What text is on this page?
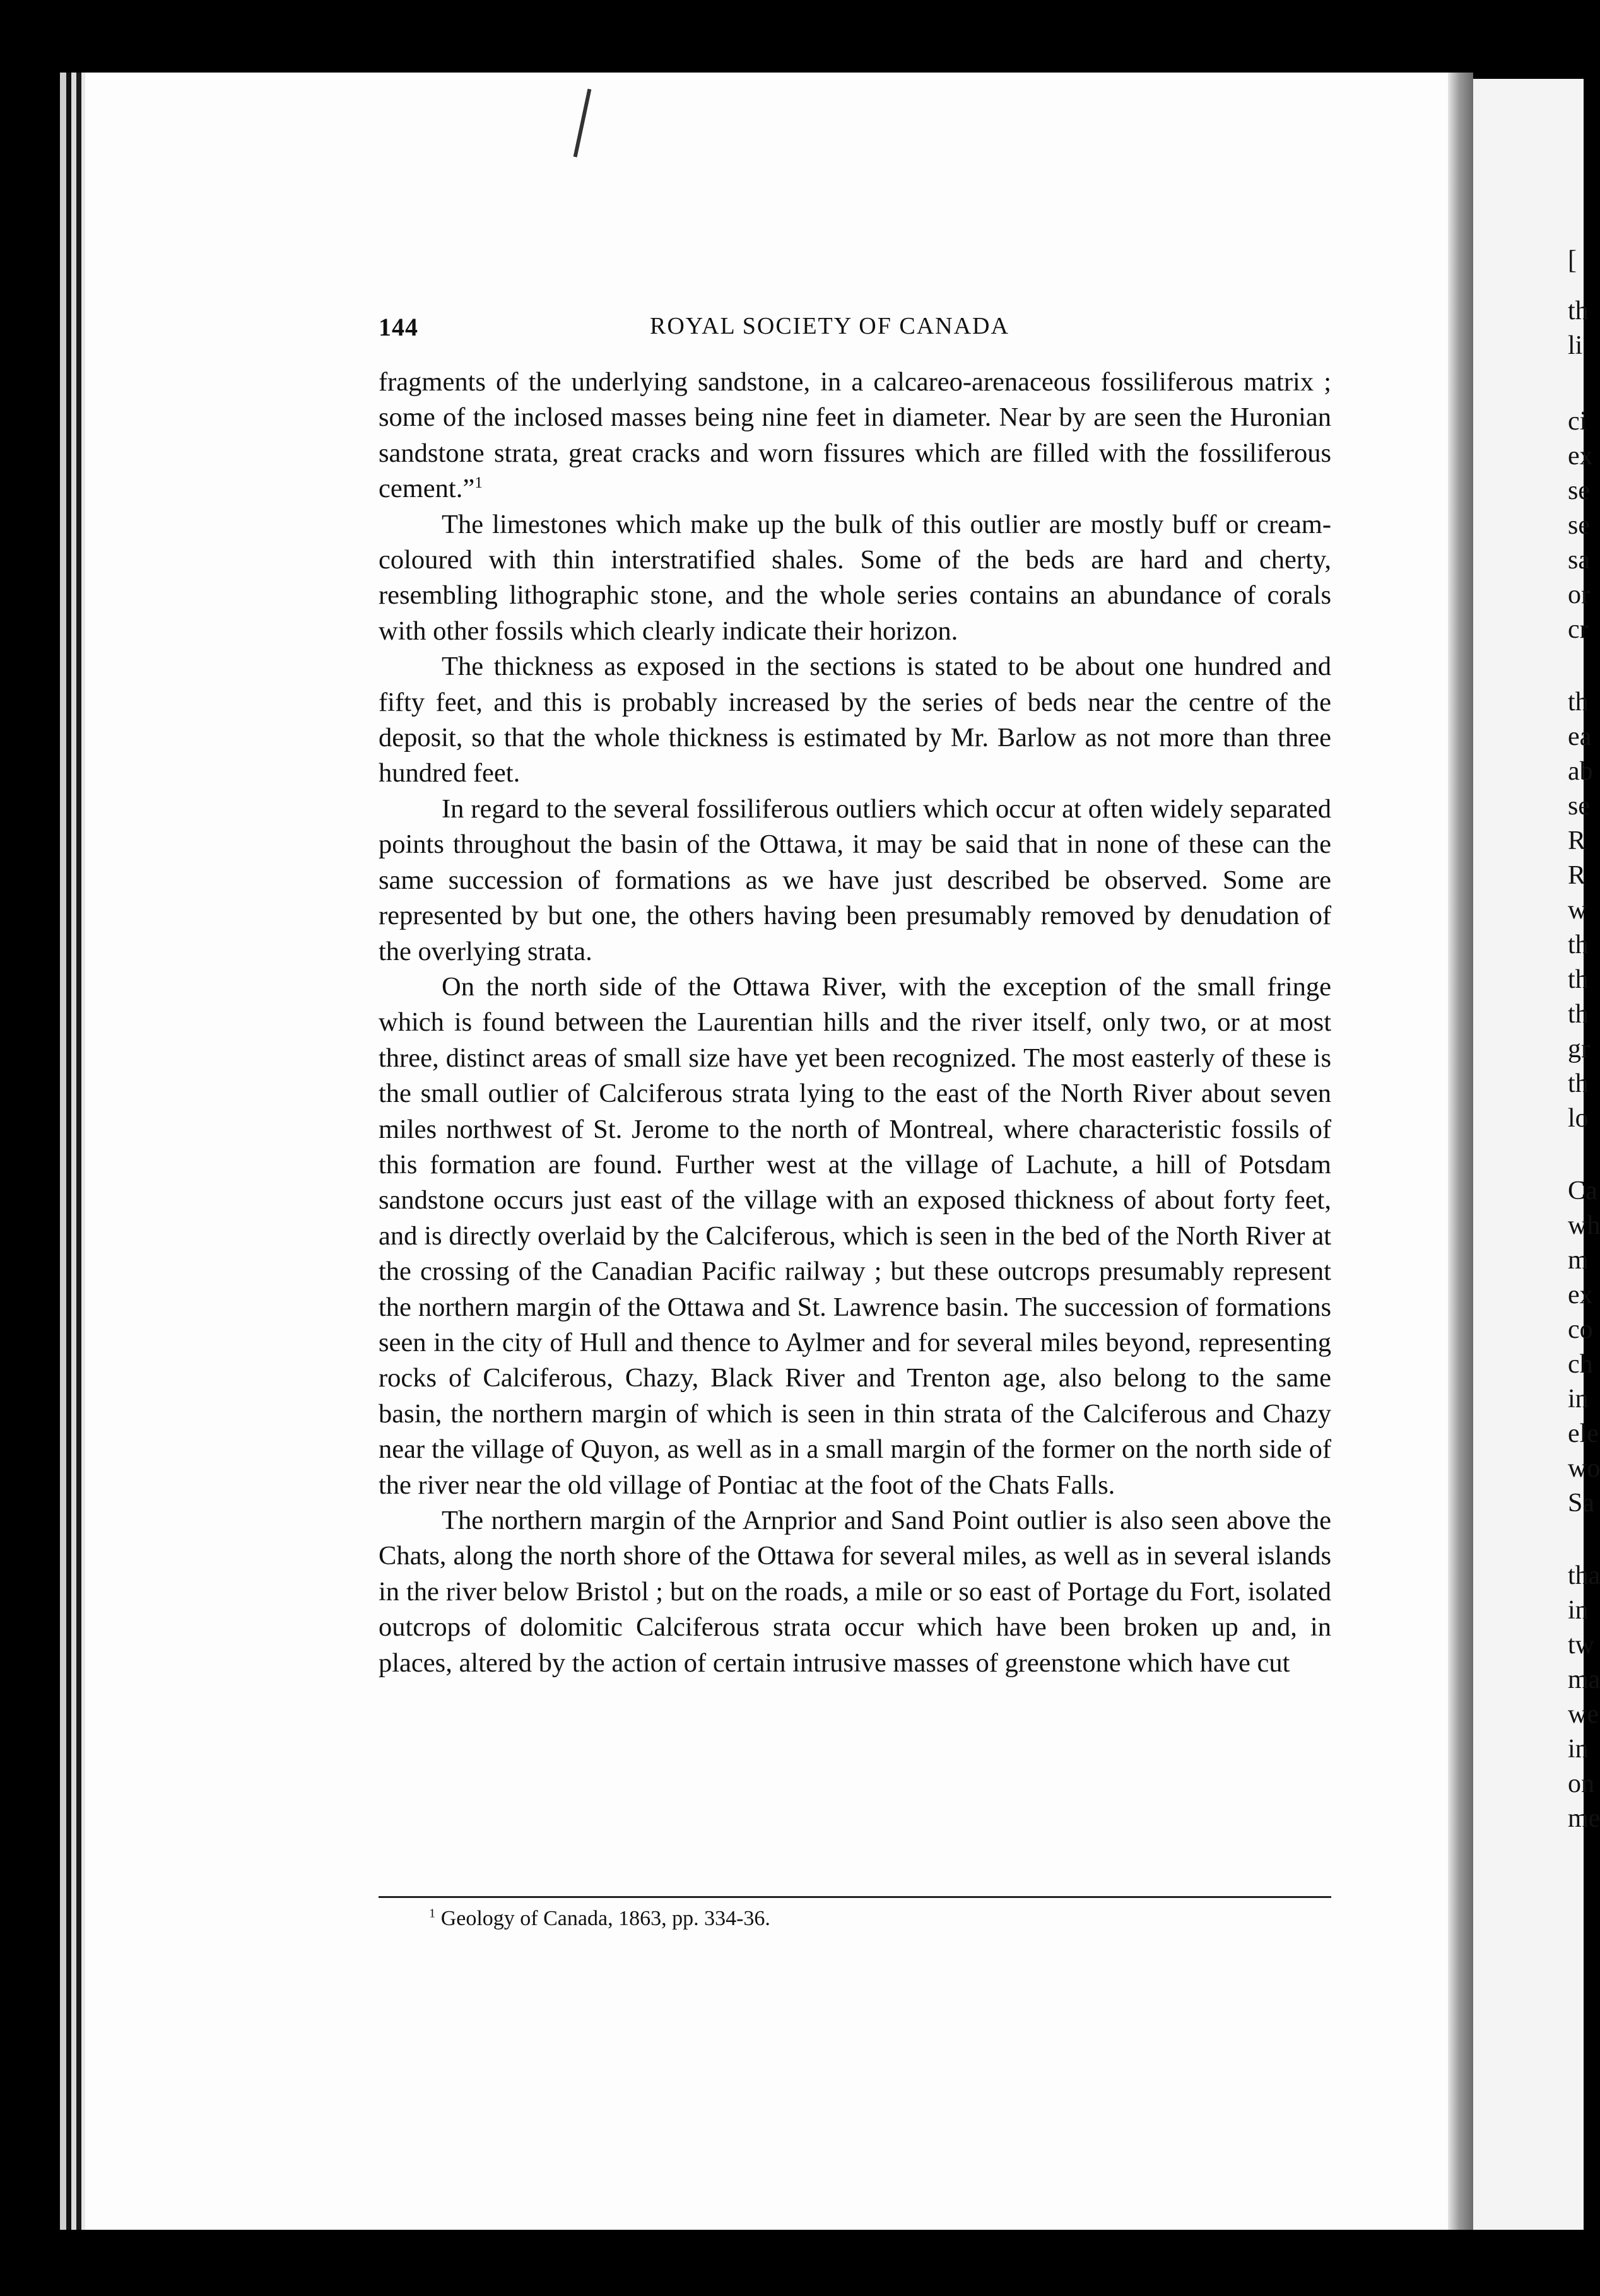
[
th
li
ci
ex
se
se
sa
or
cr
th
ea
ab
se
R
R
w
th
th
th
gr
th
lo
Ca
wh
m
ex
co
ch
in
ele
wo
Sa
tha
in
tw
ma
we
in
on
me
144	ROYAL SOCIETY OF CANADA

fragments of the underlying sandstone, in a calcareo-arenaceous fossiliferous matrix ; some of the inclosed masses being nine feet in diameter. Near by are seen the Huronian sandstone strata, great cracks and worn fissures which are filled with the fossiliferous cement.”$^1$

The limestones which make up the bulk of this outlier are mostly buff or cream-coloured with thin interstratified shales. Some of the beds are hard and cherty, resembling lithographic stone, and the whole series contains an abundance of corals with other fossils which clearly indicate their horizon.

The thickness as exposed in the sections is stated to be about one hundred and fifty feet, and this is probably increased by the series of beds near the centre of the deposit, so that the whole thickness is estimated by Mr. Barlow as not more than three hundred feet.

In regard to the several fossiliferous outliers which occur at often widely separated points throughout the basin of the Ottawa, it may be said that in none of these can the same succession of formations as we have just described be observed. Some are represented by but one, the others having been presumably removed by denudation of the overlying strata.

On the north side of the Ottawa River, with the exception of the small fringe which is found between the Laurentian hills and the river itself, only two, or at most three, distinct areas of small size have yet been recognized. The most easterly of these is the small outlier of Calciferous strata lying to the east of the North River about seven miles northwest of St. Jerome to the north of Montreal, where characteristic fossils of this formation are found. Further west at the village of Lachute, a hill of Potsdam sandstone occurs just east of the village with an exposed thickness of about forty feet, and is directly overlaid by the Calciferous, which is seen in the bed of the North River at the crossing of the Canadian Pacific railway ; but these outcrops presumably represent the northern margin of the Ottawa and St. Lawrence basin. The succession of formations seen in the city of Hull and thence to Aylmer and for several miles beyond, representing rocks of Calciferous, Chazy, Black River and Trenton age, also belong to the same basin, the northern margin of which is seen in thin strata of the Calciferous and Chazy near the village of Quyon, as well as in a small margin of the former on the north side of the river near the old village of Pontiac at the foot of the Chats Falls.

The northern margin of the Arnprior and Sand Point outlier is also seen above the Chats, along the north shore of the Ottawa for several miles, as well as in several islands in the river below Bristol ; but on the roads, a mile or so east of Portage du Fort, isolated outcrops of dolomitic Calciferous strata occur which have been broken up and, in places, altered by the action of certain intrusive masses of greenstone which have cut

$^1$ Geology of Canada, 1863, pp. 334-36.
